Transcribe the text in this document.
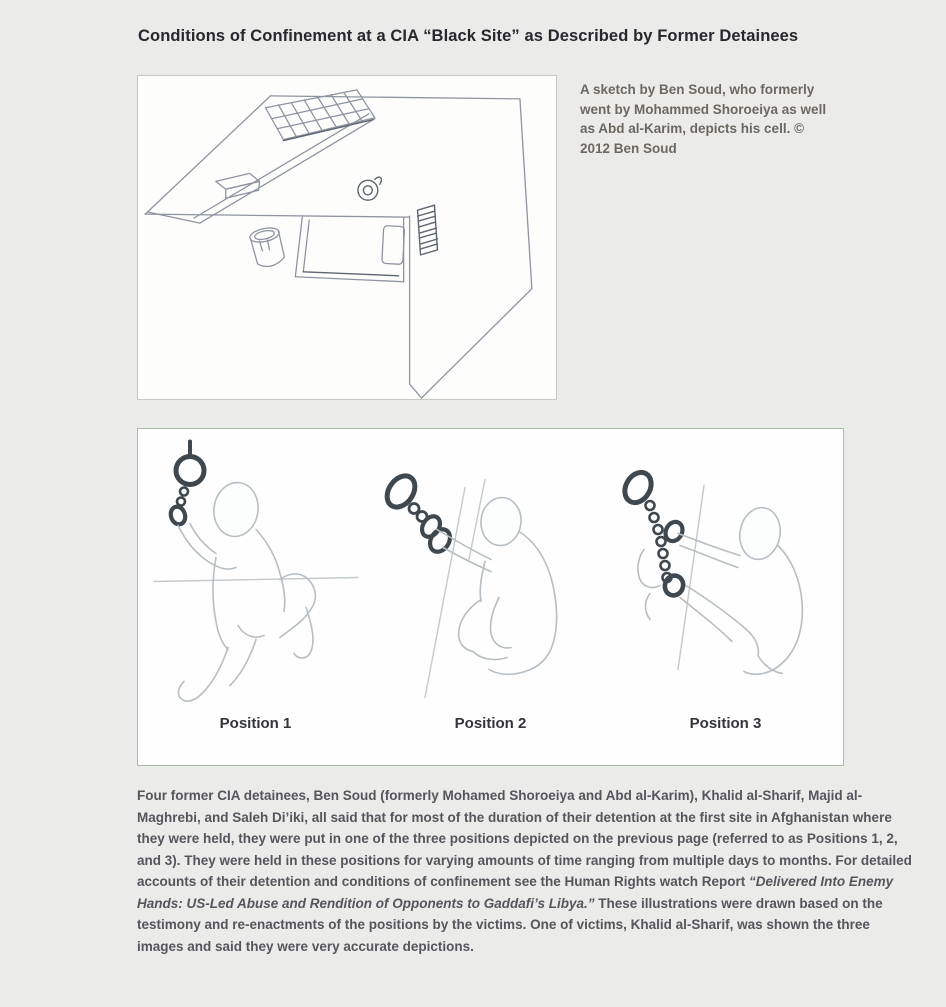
Conditions of Confinement at a CIA “Black Site” as Described by Former Detainees
A sketch by Ben Soud, who formerly went by Mohammed Shoroeiya as well as Abd al-Karim, depicts his cell. © 2012 Ben Soud
Position 1	Position 2	Position 3

Four former CIA detainees, Ben Soud (formerly Mohamed Shoroeiya and Abd al-Karim), Khalid al-Sharif, Majid al-Maghrebi, and Saleh Di’iki, all said that for most of the duration of their detention at the first site in Afghanistan where they were held, they were put in one of the three positions depicted on the previous page (referred to as Positions 1, 2, and 3). They were held in these positions for varying amounts of time ranging from multiple days to months. For detailed accounts of their detention and conditions of confinement see the Human Rights watch Report “Delivered Into Enemy Hands: US-Led Abuse and Rendition of Opponents to Gaddafi’s Libya.” These illustrations were drawn based on the testimony and re-enactments of the positions by the victims. One of victims, Khalid al-Sharif, was shown the three images and said they were very accurate depictions.
